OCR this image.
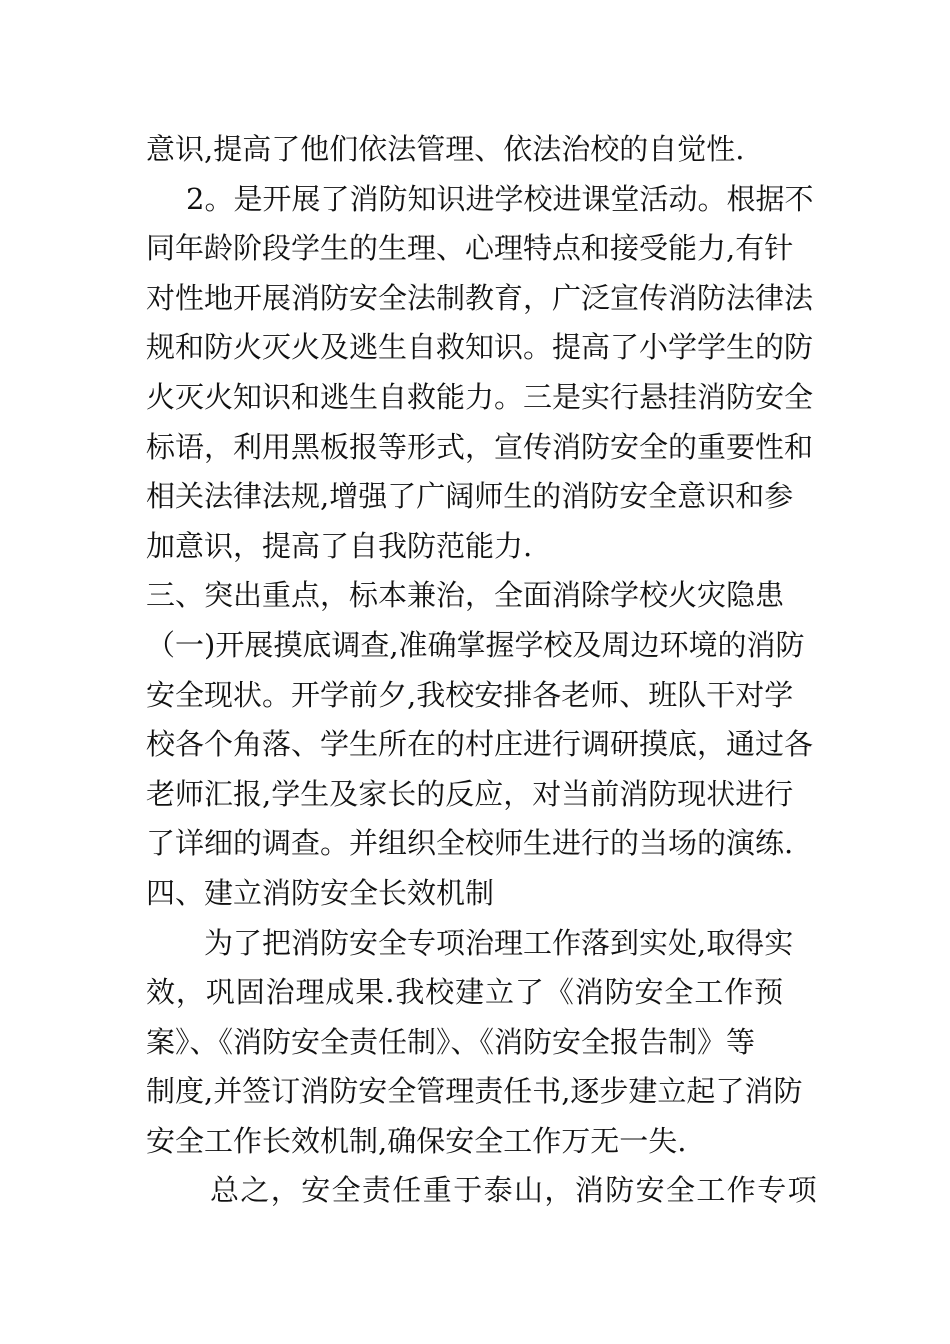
意识,提高了他们依法管理、依法治校的自觉性.
2。是开展了消防知识进学校进课堂活动。根据不
同年龄阶段学生的生理、心理特点和接受能力,有针
对性地开展消防安全法制教育，广泛宣传消防法律法
规和防火灭火及逃生自救知识。提高了小学学生的防
火灭火知识和逃生自救能力。三是实行悬挂消防安全
标语，利用黑板报等形式，宣传消防安全的重要性和
相关法律法规,增强了广阔师生的消防安全意识和参
加意识，提高了自我防范能力.
三、突出重点，标本兼治，全面消除学校火灾隐患
（一)开展摸底调查,准确掌握学校及周边环境的消防
安全现状。开学前夕,我校安排各老师、班队干对学
校各个角落、学生所在的村庄进行调研摸底，通过各
老师汇报,学生及家长的反应，对当前消防现状进行
了详细的调查。并组织全校师生进行的当场的演练.
四、建立消防安全长效机制
为了把消防安全专项治理工作落到实处,取得实
效，巩固治理成果.我校建立了《消防安全工作预
案》、《消防安全责任制》、《消防安全报告制》等
制度,并签订消防安全管理责任书,逐步建立起了消防
安全工作长效机制,确保安全工作万无一失.
总之，安全责任重于泰山，消防安全工作专项
